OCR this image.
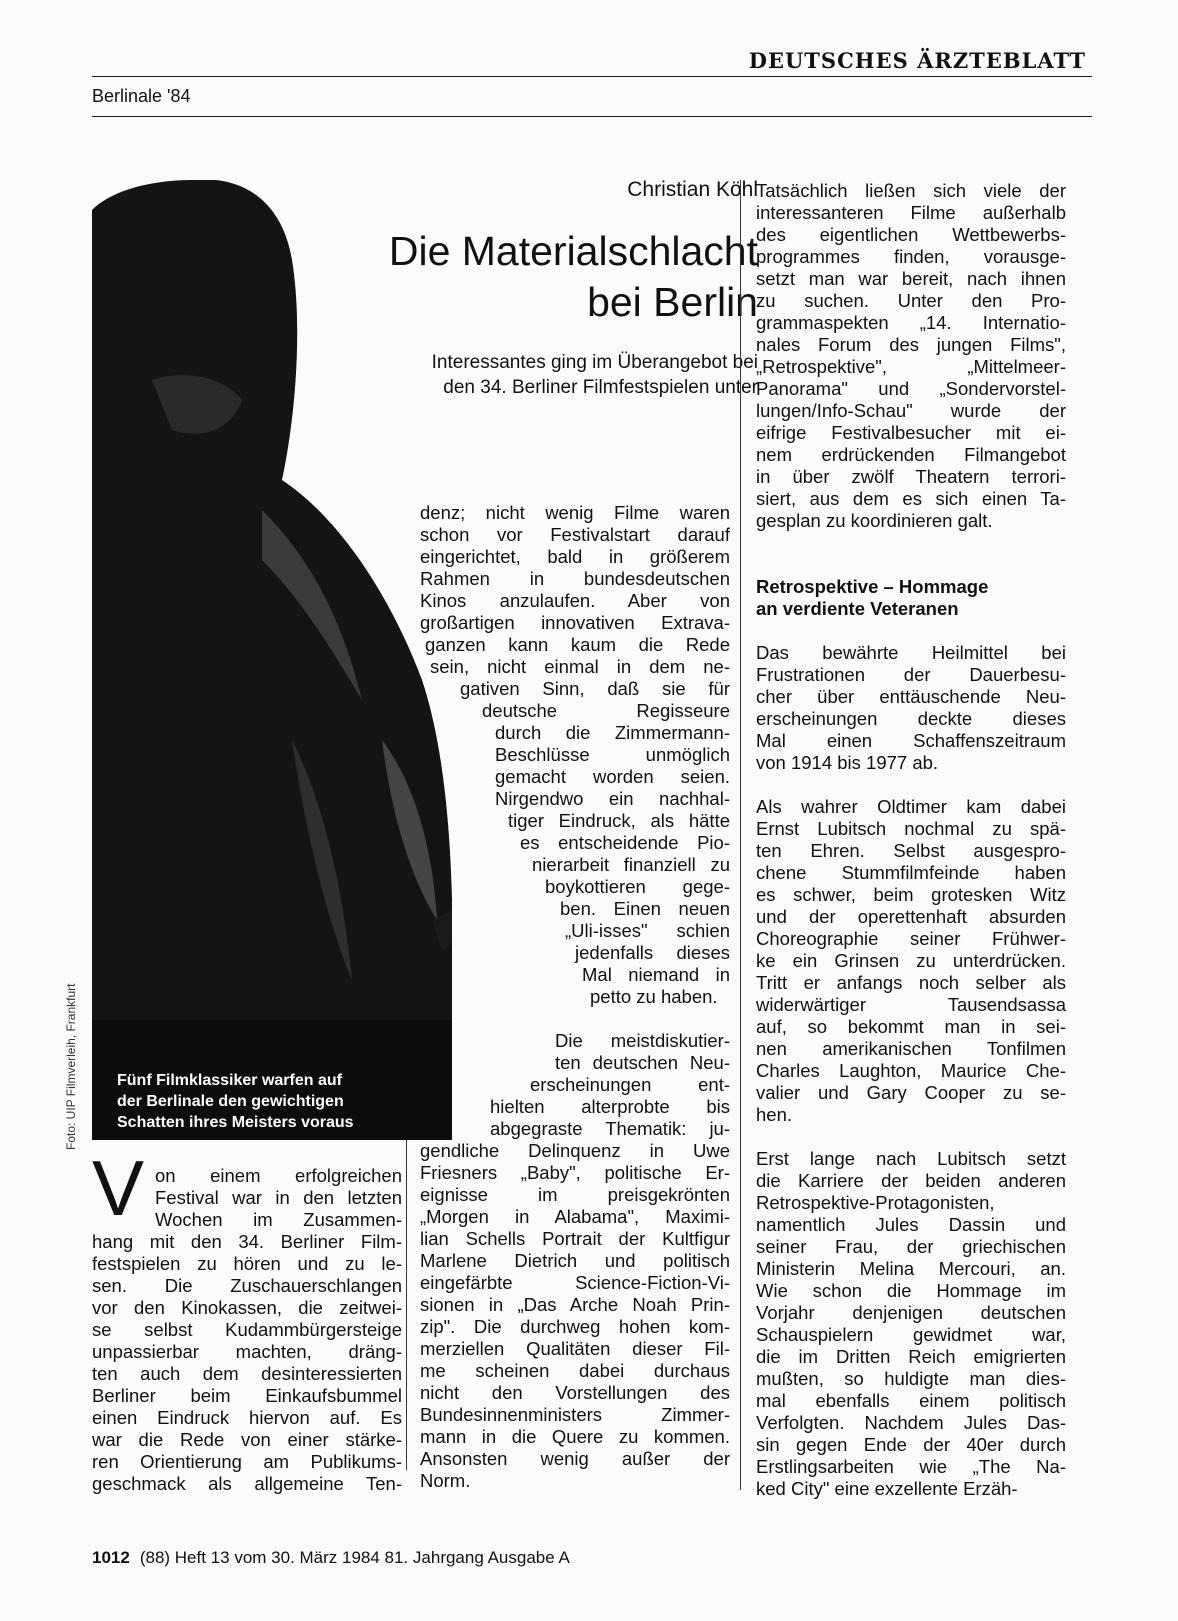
DEUTSCHES ÄRZTEBLATT
Berlinale '84
Foto: UIP Filmverleih, Frankfurt Fünf Filmklassiker warfen auf
der Berlinale den gewichtigen
Schatten ihres Meisters voraus
Christian Köhl
Die Materialschlacht
bei Berlin
Interessantes ging im Überangebot bei
den 34. Berliner Filmfestspielen unter
V on einem erfolgreichen
Festival war in den letzten
Wochen im Zusammen-
hang mit den 34. Berliner Film-
festspielen zu hören und zu le-
sen. Die Zuschauerschlangen
vor den Kinokassen, die zeitwei-
se selbst Kudammbürgersteige
unpassierbar machten, dräng-
ten auch dem desinteressierten
Berliner beim Einkaufsbummel
einen Eindruck hiervon auf. Es
war die Rede von einer stärke-
ren Orientierung am Publikums-
geschmack als allgemeine Ten-
denz; nicht wenig Filme waren
schon vor Festivalstart darauf
eingerichtet, bald in größerem
Rahmen in bundesdeutschen
Kinos anzulaufen. Aber von
großartigen innovativen Extrava-
ganzen kann kaum die Rede
sein, nicht einmal in dem ne-
gativen Sinn, daß sie für
deutsche Regisseure
durch die Zimmermann-
Beschlüsse unmöglich
gemacht worden seien.
Nirgendwo ein nachhal-
tiger Eindruck, als hätte
es entscheidende Pio-
nierarbeit finanziell zu
boykottieren gege-
ben. Einen neuen
„Uli-isses" schien
jedenfalls dieses
Mal niemand in
petto zu haben.
Die meistdiskutier-
ten deutschen Neu-
erscheinungen ent-
hielten alterprobte bis
abgegraste Thematik: ju-
gendliche Delinquenz in Uwe
Friesners „Baby", politische Er-
eignisse im preisgekrönten
„Morgen in Alabama", Maximi-
lian Schells Portrait der Kultfigur
Marlene Dietrich und politisch
eingefärbte Science-Fiction-Vi-
sionen in „Das Arche Noah Prin-
zip". Die durchweg hohen kom-
merziellen Qualitäten dieser Fil-
me scheinen dabei durchaus
nicht den Vorstellungen des
Bundesinnenministers Zimmer-
mann in die Quere zu kommen.
Ansonsten wenig außer der
Norm.
Tatsächlich ließen sich viele der
interessanteren Filme außerhalb
des eigentlichen Wettbewerbs-
programmes finden, vorausge-
setzt man war bereit, nach ihnen
zu suchen. Unter den Pro-
grammaspekten „14. Internatio-
nales Forum des jungen Films",
„Retrospektive", „Mittelmeer-
Panorama" und „Sondervorstel-
lungen/Info-Schau" wurde der
eifrige Festivalbesucher mit ei-
nem erdrückenden Filmangebot
in über zwölf Theatern terrori-
siert, aus dem es sich einen Ta-
gesplan zu koordinieren galt.
Retrospektive – Hommage
an verdiente Veteranen
Das bewährte Heilmittel bei
Frustrationen der Dauerbesu-
cher über enttäuschende Neu-
erscheinungen deckte dieses
Mal einen Schaffenszeitraum
von 1914 bis 1977 ab.
Als wahrer Oldtimer kam dabei
Ernst Lubitsch nochmal zu spä-
ten Ehren. Selbst ausgespro-
chene Stummfilmfeinde haben
es schwer, beim grotesken Witz
und der operettenhaft absurden
Choreographie seiner Frühwer-
ke ein Grinsen zu unterdrücken.
Tritt er anfangs noch selber als
widerwärtiger Tausendsassa
auf, so bekommt man in sei-
nen amerikanischen Tonfilmen
Charles Laughton, Maurice Che-
valier und Gary Cooper zu se-
hen.
Erst lange nach Lubitsch setzt
die Karriere der beiden anderen
Retrospektive-Protagonisten,
namentlich Jules Dassin und
seiner Frau, der griechischen
Ministerin Melina Mercouri, an.
Wie schon die Hommage im
Vorjahr denjenigen deutschen
Schauspielern gewidmet war,
die im Dritten Reich emigrierten
mußten, so huldigte man dies-
mal ebenfalls einem politisch
Verfolgten. Nachdem Jules Das-
sin gegen Ende der 40er durch
Erstlingsarbeiten wie „The Na-
ked City" eine exzellente Erzäh-
1012 (88) Heft 13 vom 30. März 1984 81. Jahrgang Ausgabe A
